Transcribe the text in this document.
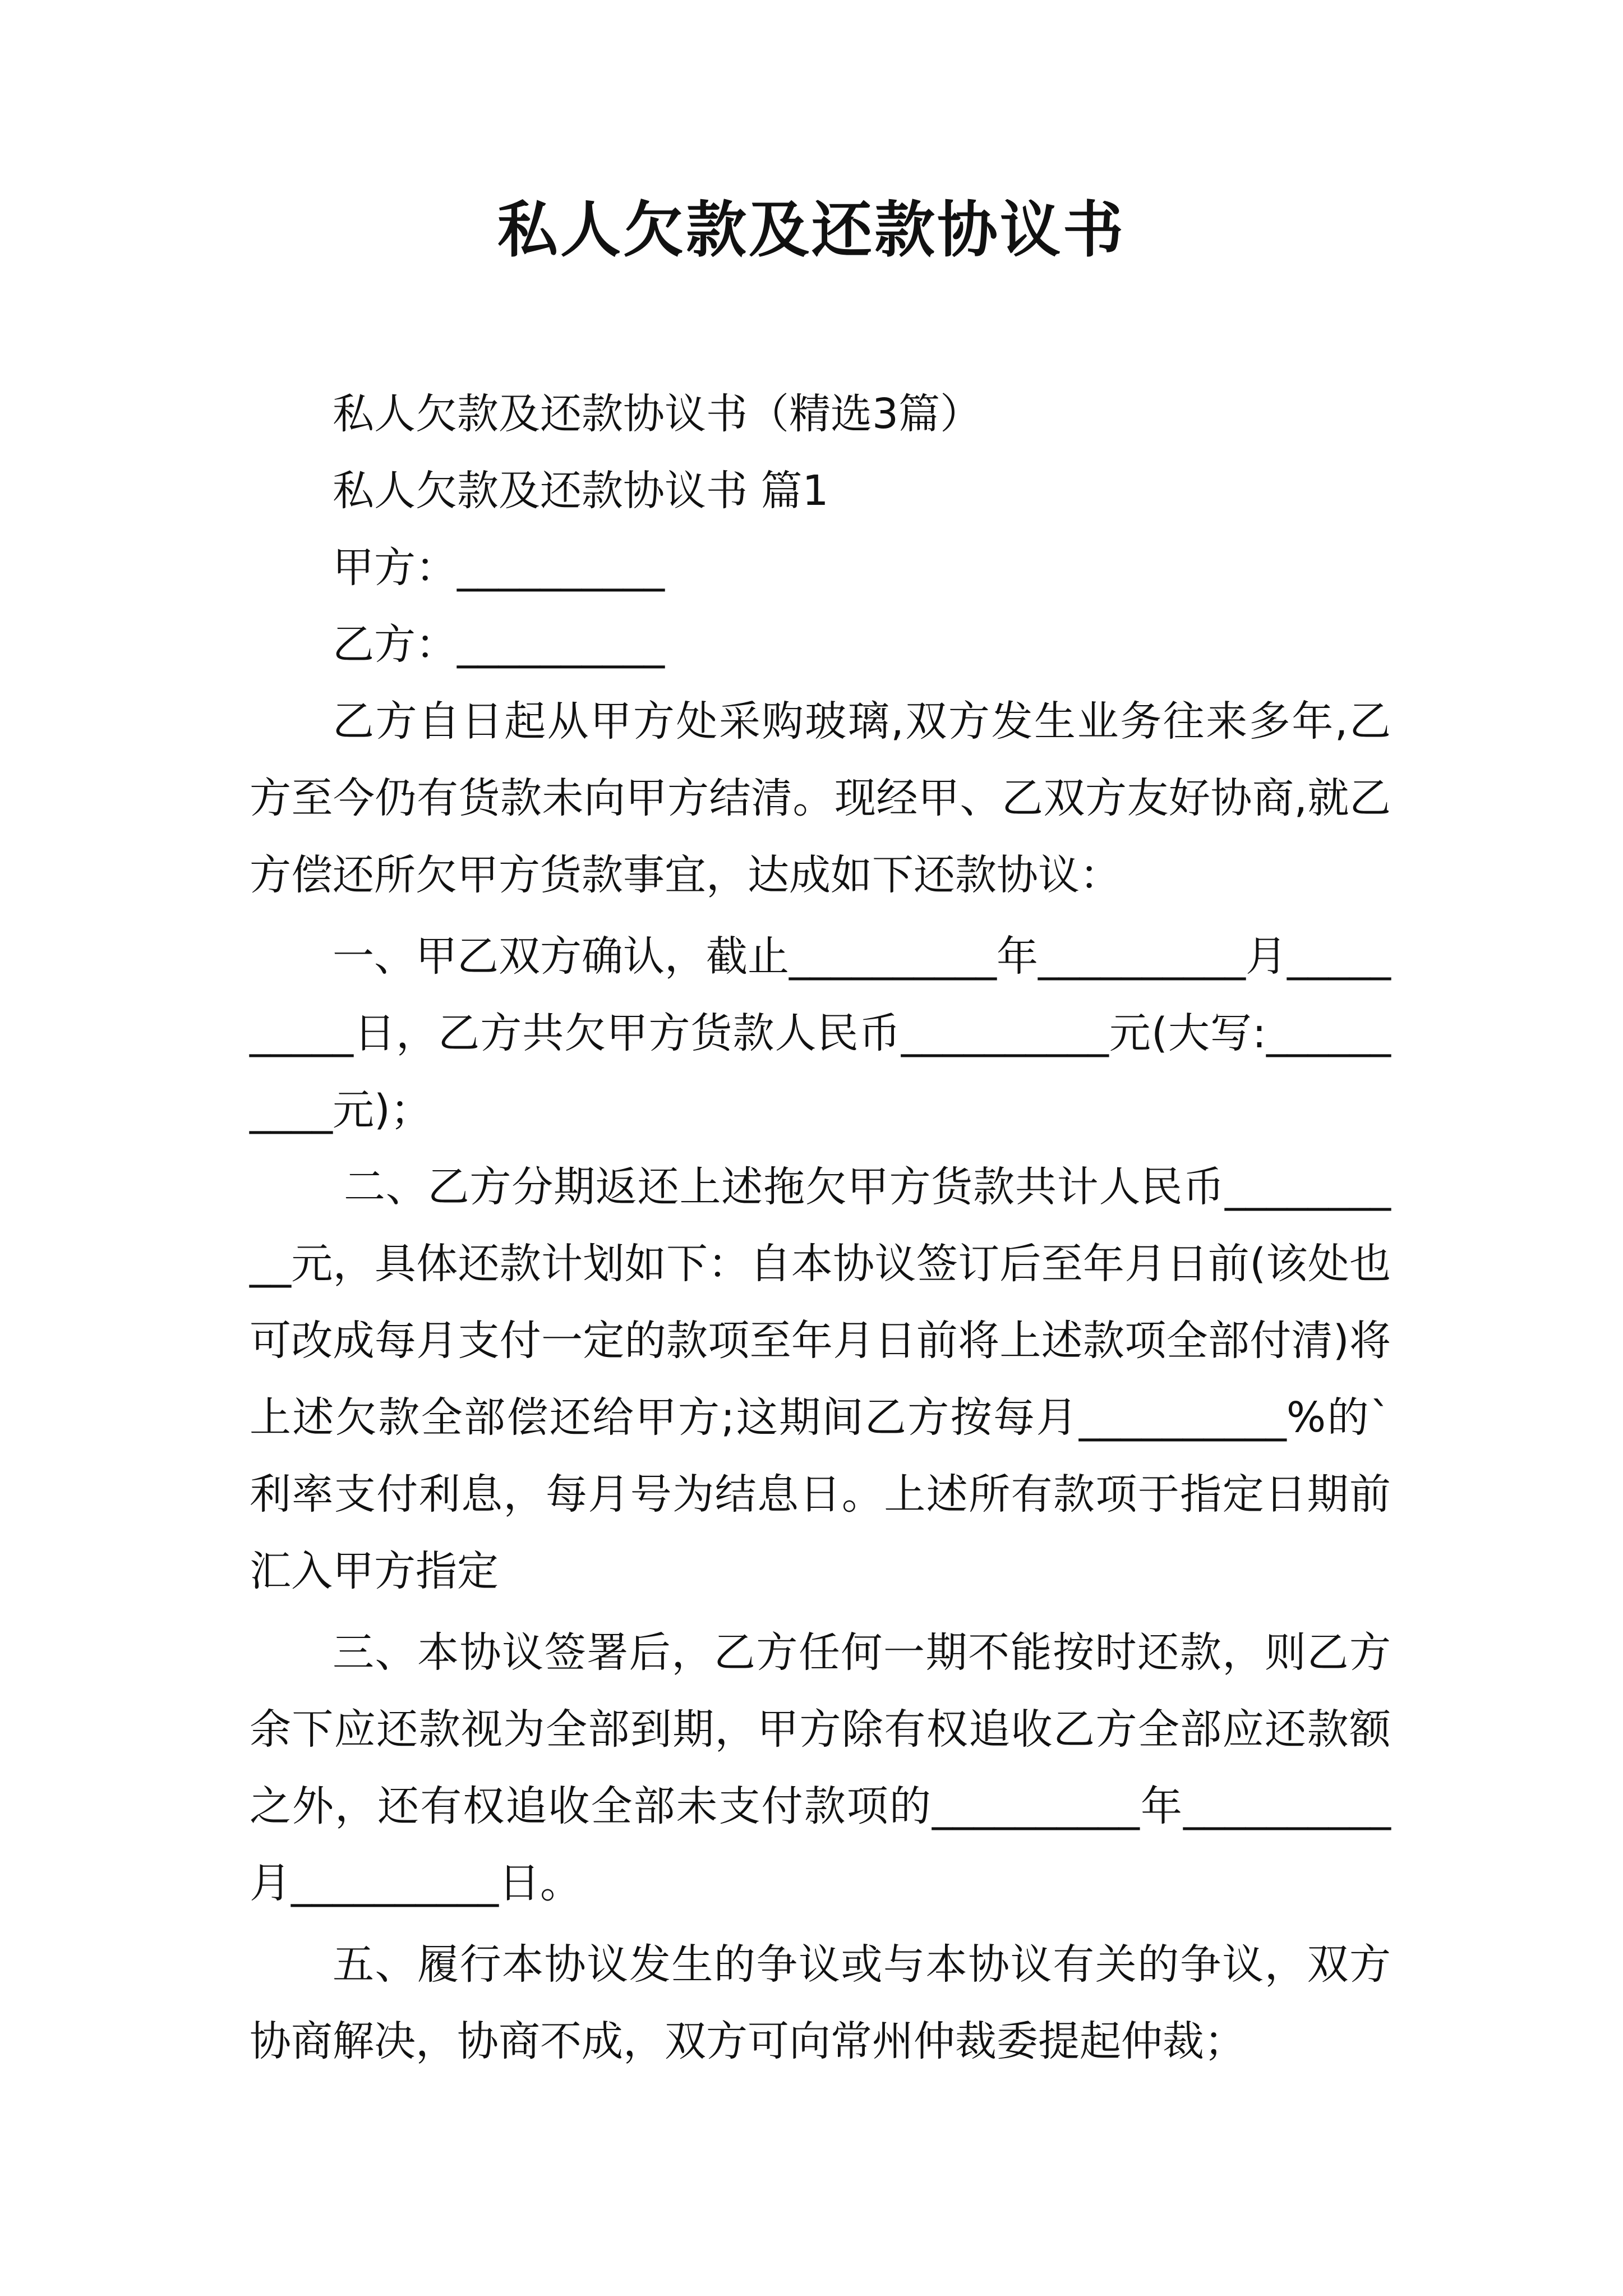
私人欠款及还款协议书

私人欠款及还款协议书（精选3篇）

私人欠款及还款协议书 篇1

甲方：__________

乙方：__________

乙方自日起从甲方处采购玻璃,双方发生业务往来多年,乙方至今仍有货款未向甲方结清。现经甲、乙双方友好协商,就乙方偿还所欠甲方货款事宜，达成如下还款协议：

一、甲乙双方确认，截止__________年__________月__________日，乙方共欠甲方货款人民币__________元(大写:__________元)；

二、乙方分期返还上述拖欠甲方货款共计人民币__________元，具体还款计划如下：自本协议签订后至年月日前(该处也可改成每月支付一定的款项至年月日前将上述款项全部付清)将上述欠款全部偿还给甲方;这期间乙方按每月__________%的`利率支付利息，每月号为结息日。上述所有款项于指定日期前汇入甲方指定

三、本协议签署后，乙方任何一期不能按时还款，则乙方余下应还款视为全部到期，甲方除有权追收乙方全部应还款额之外，还有权追收全部未支付款项的__________年__________月__________日。

五、履行本协议发生的争议或与本协议有关的争议，双方协商解决，协商不成，双方可向常州仲裁委提起仲裁；
